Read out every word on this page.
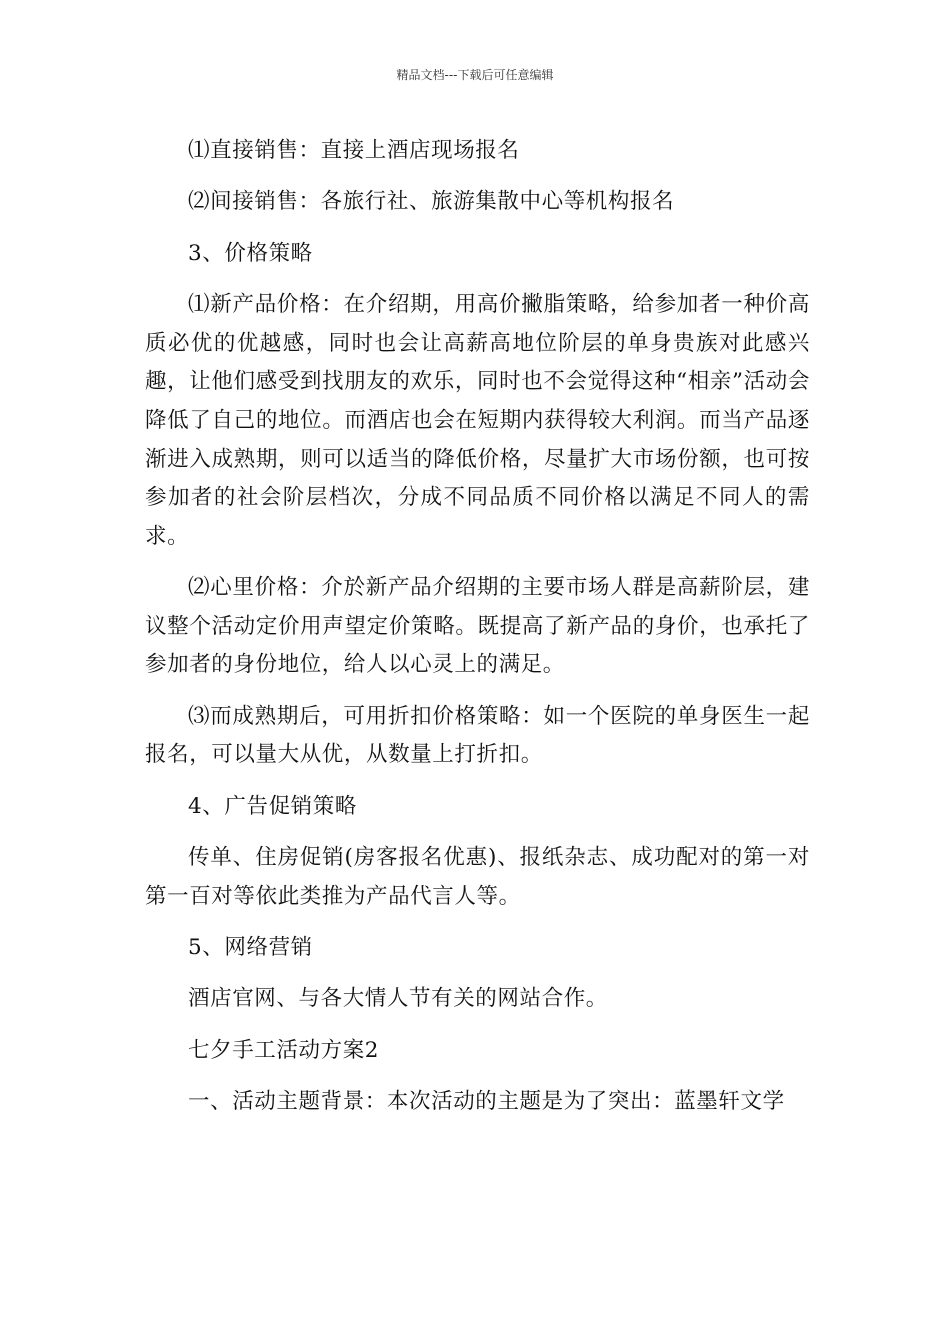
精品文档---下载后可任意编辑

⑴直接销售：直接上酒店现场报名

⑵间接销售：各旅行社、旅游集散中心等机构报名

3、价格策略

⑴新产品价格：在介绍期，用高价撇脂策略，给参加者一种价高质必优的优越感，同时也会让高薪高地位阶层的单身贵族对此感兴趣，让他们感受到找朋友的欢乐，同时也不会觉得这种“相亲”活动会降低了自己的地位。而酒店也会在短期内获得较大利润。而当产品逐渐进入成熟期，则可以适当的降低价格，尽量扩大市场份额，也可按参加者的社会阶层档次，分成不同品质不同价格以满足不同人的需求。

⑵心里价格：介於新产品介绍期的主要市场人群是高薪阶层，建议整个活动定价用声望定价策略。既提高了新产品的身价，也承托了参加者的身份地位，给人以心灵上的满足。

⑶而成熟期后，可用折扣价格策略：如一个医院的单身医生一起报名，可以量大从优，从数量上打折扣。

4、广告促销策略

传单、住房促销(房客报名优惠)、报纸杂志、成功配对的第一对第一百对等依此类推为产品代言人等。

5、网络营销

酒店官网、与各大情人节有关的网站合作。

七夕手工活动方案2

一、活动主题背景：本次活动的主题是为了突出：蓝墨轩文学
